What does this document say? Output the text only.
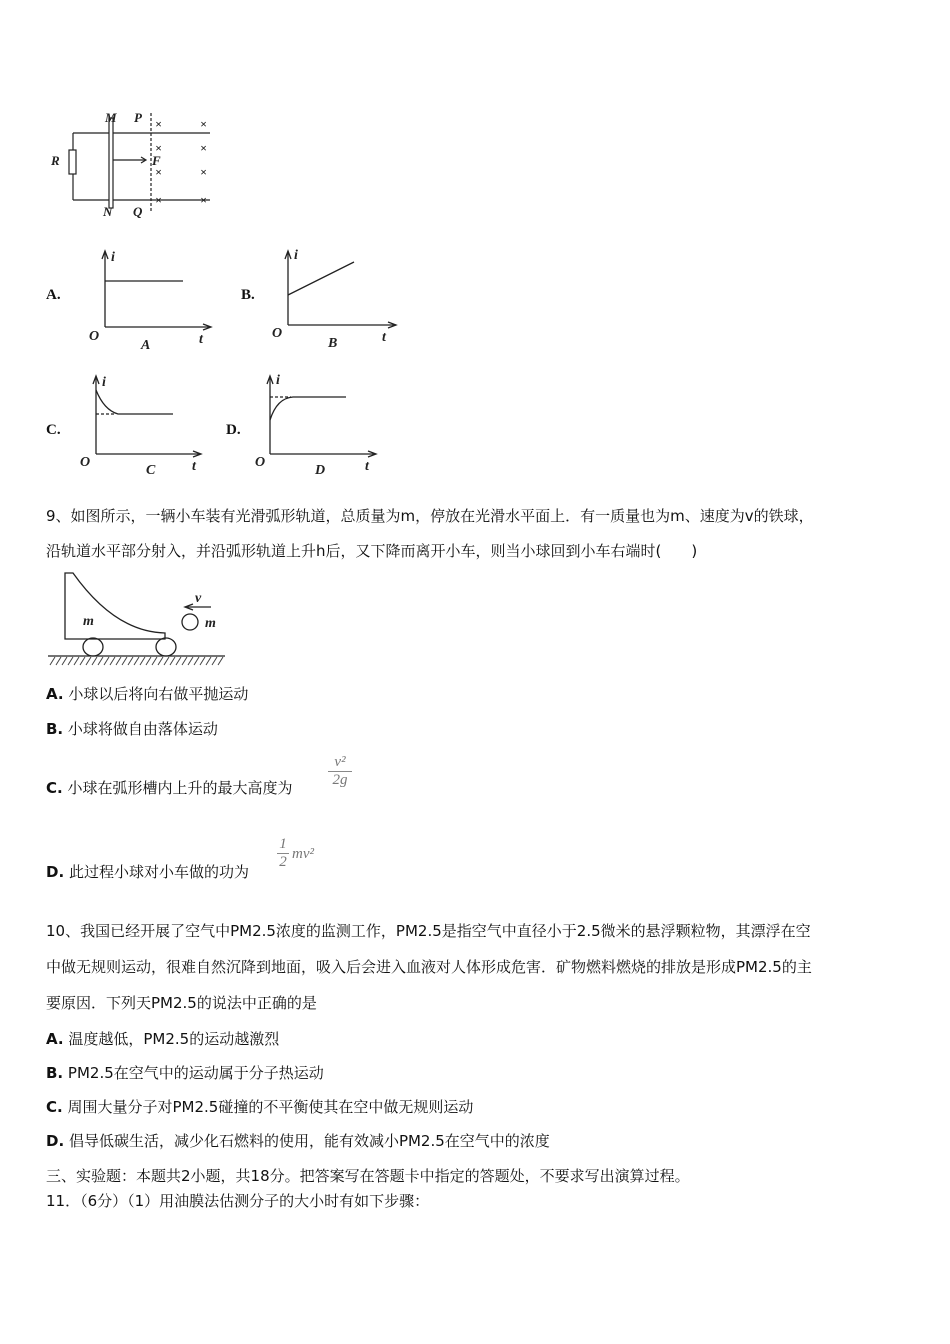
R
M
N
P
Q
F
×	×
×	×
×	×
×	×
A.
i
O	t
A
B.
i
O	t
B
C.
i
O	t
C
D.
i
O	t
D
9、如图所示，一辆小车装有光滑弧形轨道，总质量为m，停放在光滑水平面上．有一质量也为m、速度为v的铁球，
沿轨道水平部分射入，并沿弧形轨道上升h后，又下降而离开小车，则当小球回到小车右端时(　　)
m	m
v
A. 小球以后将向右做平抛运动
B. 小球将做自由落体运动
C. 小球在弧形槽内上升的最大高度为 $\frac{\text{v²}}{2g}$
D. 此过程小球对小车做的功为
$\frac{1}{2} mv^2$
10、我国已经开展了空气中PM2.5浓度的监测工作，PM2.5是指空气中直径小于2.5微米的悬浮颗粒物，其漂浮在空
中做无规则运动，很难自然沉降到地面，吸入后会进入血液对人体形成危害．矿物燃料燃烧的排放是形成PM2.5的主
要原因．下列天PM2.5的说法中正确的是
A. 温度越低，PM2.5的运动越激烈
B. PM2.5在空气中的运动属于分子热运动
C. 周围大量分子对PM2.5碰撞的不平衡使其在空中做无规则运动
D. 倡导低碳生活，减少化石燃料的使用，能有效减小PM2.5在空气中的浓度
三、实验题：本题共2小题，共18分。把答案写在答题卡中指定的答题处，不要求写出演算过程。
11．（6分）（1）用油膜法估测分子的大小时有如下步骤：
